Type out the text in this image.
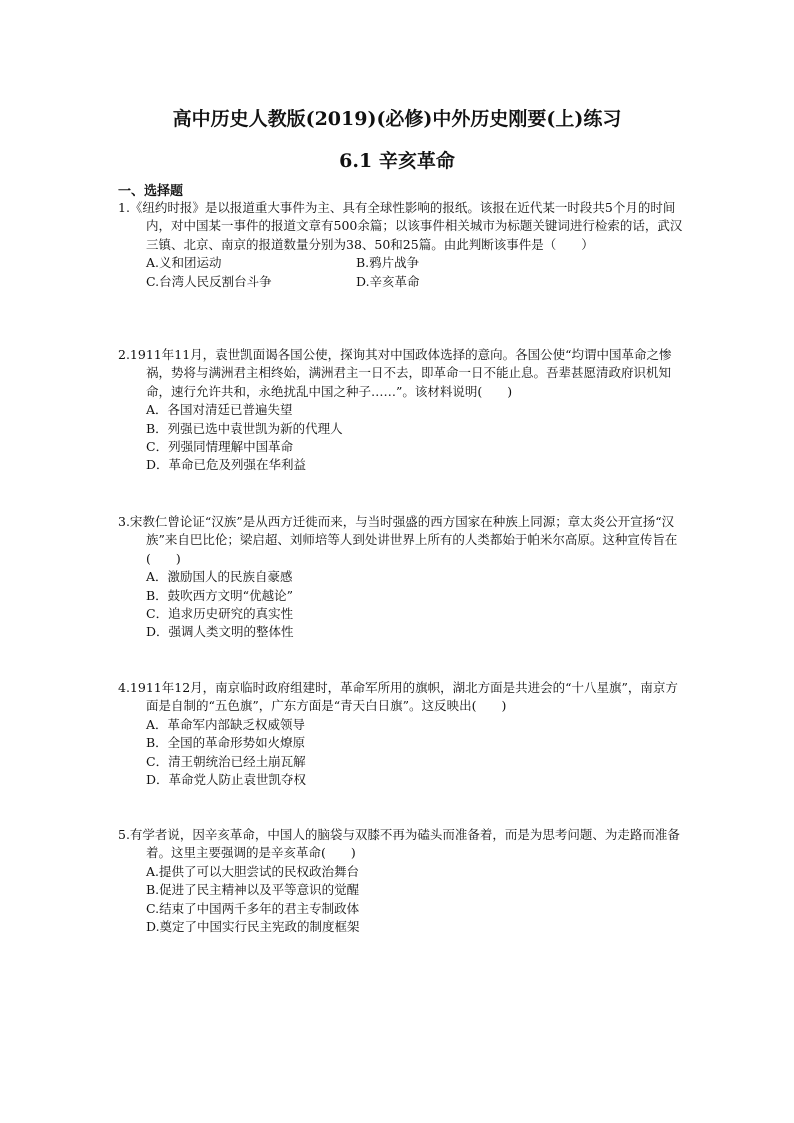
高中历史人教版(2019)(必修)中外历史刚要(上)练习
6.1 辛亥革命
一、选择题
1.《纽约时报》是以报道重大事件为主、具有全球性影响的报纸。该报在近代某一时段共5个月的时间内，对中国某一事件的报道文章有500余篇；以该事件相关城市为标题关键词进行检索的话，武汉三镇、北京、南京的报道数量分别为38、50和25篇。由此判断该事件是（　　）
A.义和团运动	B.鸦片战争
C.台湾人民反割台斗争	D.辛亥革命
2.1911年11月，袁世凯面谒各国公使，探询其对中国政体选择的意向。各国公使“均谓中国革命之惨祸，势将与满洲君主相终始，满洲君主一日不去，即革命一日不能止息。吾辈甚愿清政府识机知命，速行允许共和，永绝扰乱中国之种子……”。该材料说明(　　)
A．各国对清廷已普遍失望
B．列强已选中袁世凯为新的代理人
C．列强同情理解中国革命
D．革命已危及列强在华利益
3.宋教仁曾论证“汉族”是从西方迁徙而来，与当时强盛的西方国家在种族上同源；章太炎公开宣扬“汉族”来自巴比伦；梁启超、刘师培等人到处讲世界上所有的人类都始于帕米尔高原。这种宣传旨在(　　)
A．激励国人的民族自豪感
B．鼓吹西方文明“优越论”
C．追求历史研究的真实性
D．强调人类文明的整体性
4.1911年12月，南京临时政府组建时，革命军所用的旗帜，湖北方面是共进会的“十八星旗”，南京方面是自制的“五色旗”，广东方面是“青天白日旗”。这反映出(　　)
A．革命军内部缺乏权威领导
B．全国的革命形势如火燎原
C．清王朝统治已经土崩瓦解
D．革命党人防止袁世凯夺权
5.有学者说，因辛亥革命，中国人的脑袋与双膝不再为磕头而准备着，而是为思考问题、为走路而准备着。这里主要强调的是辛亥革命(　　)
A.提供了可以大胆尝试的民权政治舞台
B.促进了民主精神以及平等意识的觉醒
C.结束了中国两千多年的君主专制政体
D.奠定了中国实行民主宪政的制度框架
